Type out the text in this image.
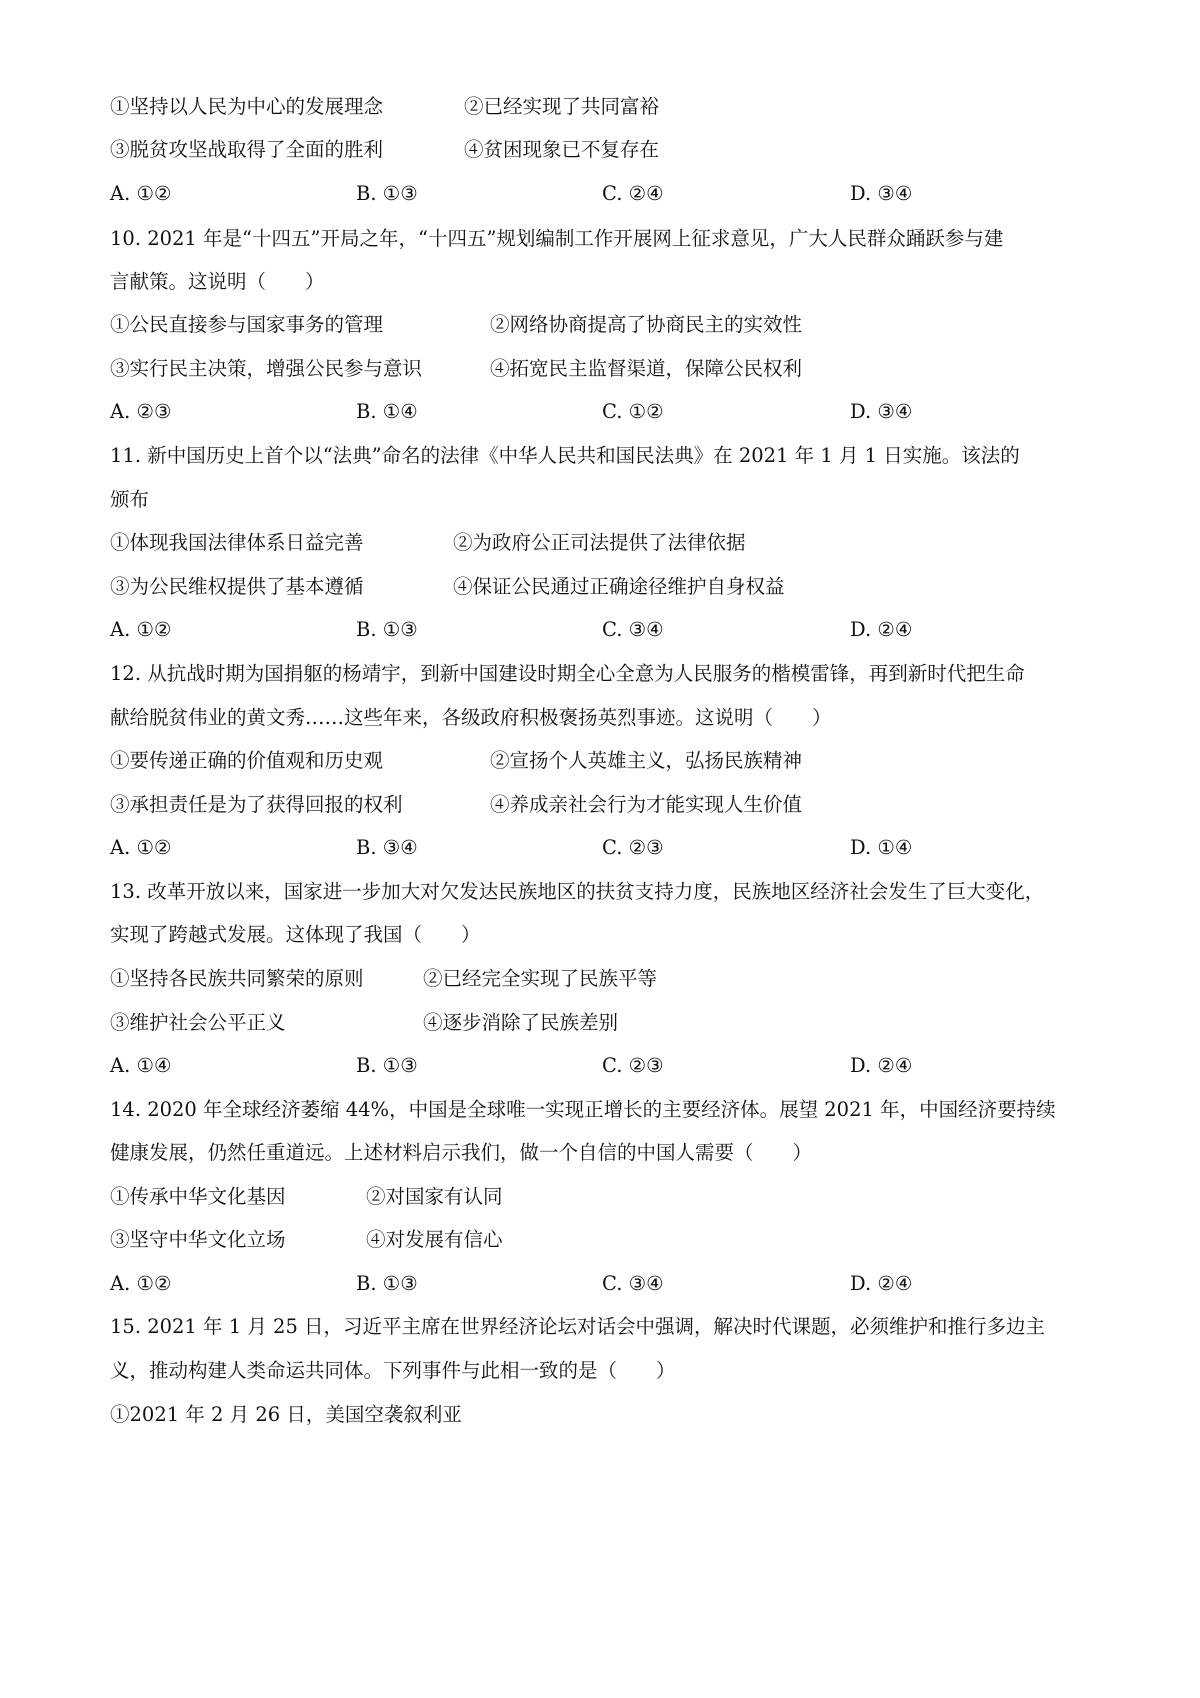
①坚持以人民为中心的发展理念	②已经实现了共同富裕
③脱贫攻坚战取得了全面的胜利	④贫困现象已不复存在
A. ①②	B. ①③	C. ②④	D. ③④

10. 2021 年是“十四五”开局之年，“十四五”规划编制工作开展网上征求意见，广大人民群众踊跃参与建

言献策。这说明（　　）

①公民直接参与国家事务的管理	②网络协商提高了协商民主的实效性
③实行民主决策，增强公民参与意识	④拓宽民主监督渠道，保障公民权利
A. ②③	B. ①④	C. ①②	D. ③④

11. 新中国历史上首个以“法典”命名的法律《中华人民共和国民法典》在 2021 年 1 月 1 日实施。该法的

颁布

①体现我国法律体系日益完善	②为政府公正司法提供了法律依据
③为公民维权提供了基本遵循	④保证公民通过正确途径维护自身权益
A. ①②	B. ①③	C. ③④	D. ②④

12. 从抗战时期为国捐躯的杨靖宇，到新中国建设时期全心全意为人民服务的楷模雷锋，再到新时代把生命

献给脱贫伟业的黄文秀……这些年来，各级政府积极褒扬英烈事迹。这说明（　　）

①要传递正确的价值观和历史观	②宣扬个人英雄主义，弘扬民族精神
③承担责任是为了获得回报的权利	④养成亲社会行为才能实现人生价值
A. ①②	B. ③④	C. ②③	D. ①④

13. 改革开放以来，国家进一步加大对欠发达民族地区的扶贫支持力度，民族地区经济社会发生了巨大变化，

实现了跨越式发展。这体现了我国（　　）

①坚持各民族共同繁荣的原则	②已经完全实现了民族平等
③维护社会公平正义	④逐步消除了民族差别
A. ①④	B. ①③	C. ②③	D. ②④

14. 2020 年全球经济萎缩 44%，中国是全球唯一实现正增长的主要经济体。展望 2021 年，中国经济要持续

健康发展，仍然任重道远。上述材料启示我们，做一个自信的中国人需要（　　）

①传承中华文化基因	②对国家有认同
③坚守中华文化立场	④对发展有信心
A. ①②	B. ①③	C. ③④	D. ②④

15. 2021 年 1 月 25 日，习近平主席在世界经济论坛对话会中强调，解决时代课题，必须维护和推行多边主

义，推动构建人类命运共同体。下列事件与此相一致的是（　　）

①2021 年 2 月 26 日，美国空袭叙利亚
